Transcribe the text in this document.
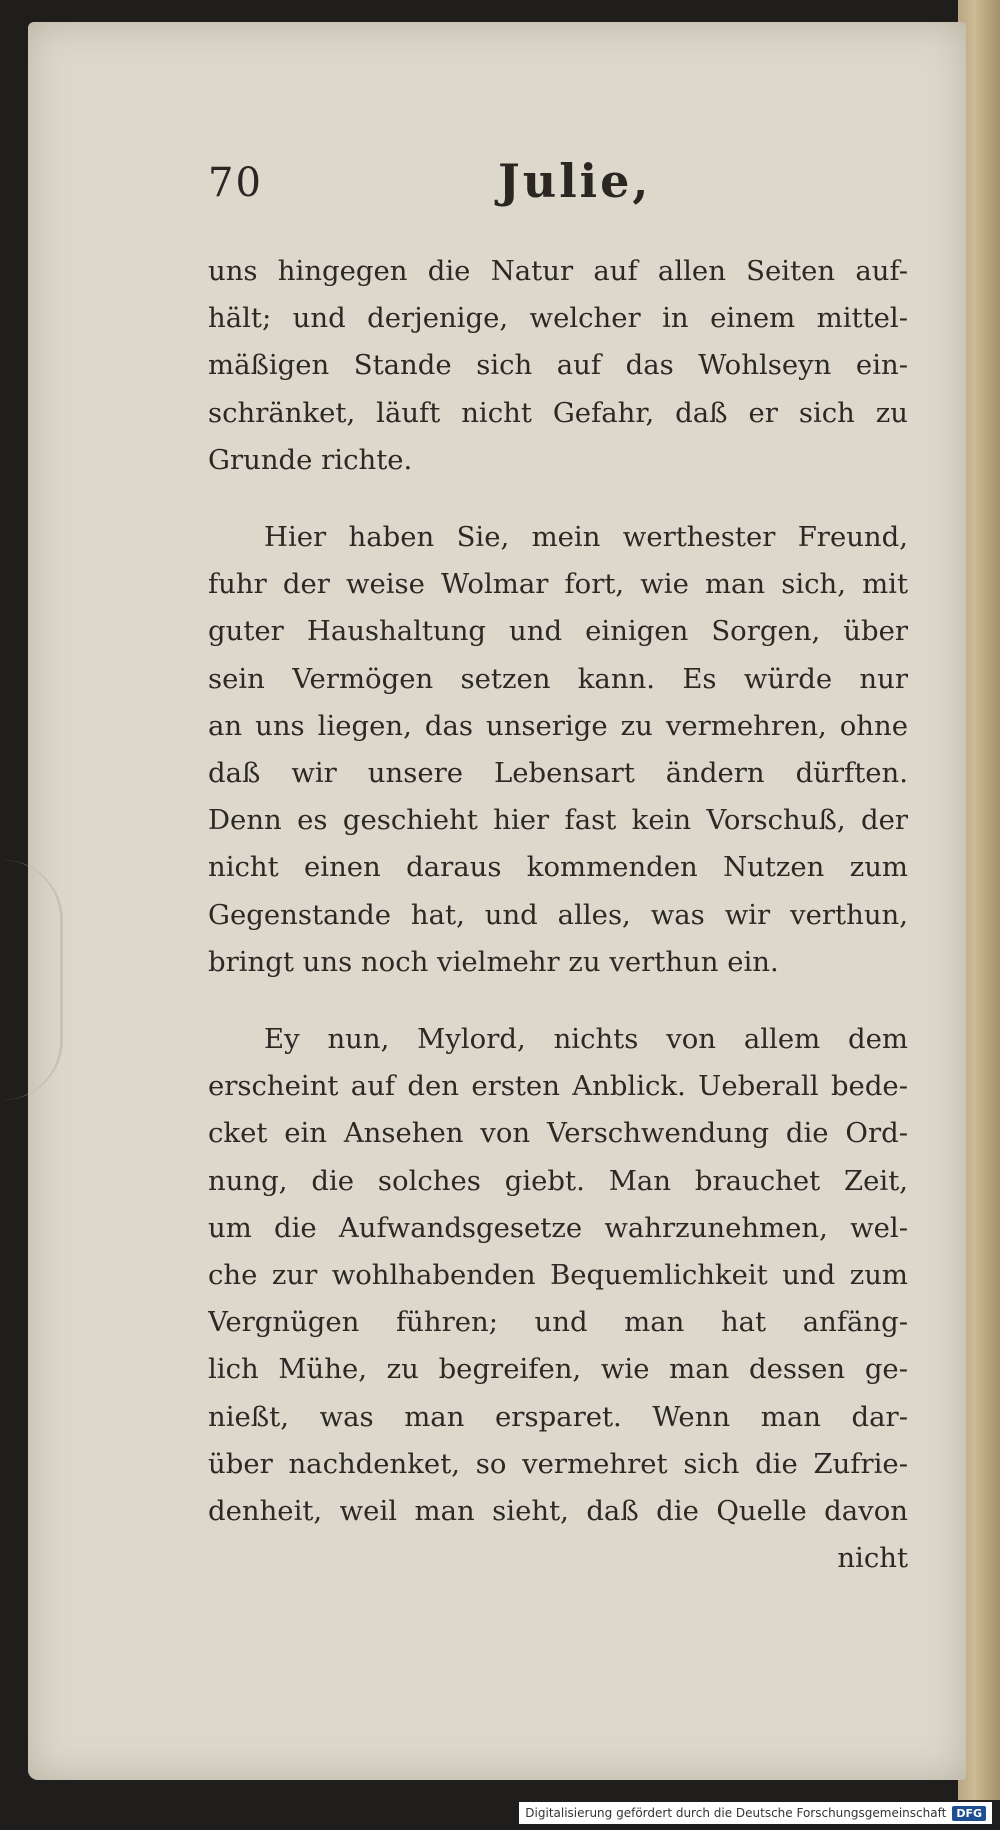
70	Julie,
uns hingegen die Natur auf allen Seiten auf-
hält; und derjenige, welcher in einem mittel-
mäßigen Stande sich auf das Wohlseyn ein-
schränket, läuft nicht Gefahr, daß er sich zu
Grunde richte.
Hier haben Sie, mein werthester Freund,
fuhr der weise Wolmar fort, wie man sich, mit
guter Haushaltung und einigen Sorgen, über
sein Vermögen setzen kann. Es würde nur
an uns liegen, das unserige zu vermehren, ohne
daß wir unsere Lebensart ändern dürften.
Denn es geschieht hier fast kein Vorschuß, der
nicht einen daraus kommenden Nutzen zum
Gegenstande hat, und alles, was wir verthun,
bringt uns noch vielmehr zu verthun ein.
Ey nun, Mylord, nichts von allem dem
erscheint auf den ersten Anblick. Ueberall bede-
cket ein Ansehen von Verschwendung die Ord-
nung, die solches giebt. Man brauchet Zeit,
um die Aufwandsgesetze wahrzunehmen, wel-
che zur wohlhabenden Bequemlichkeit und zum
Vergnügen führen; und man hat anfäng-
lich Mühe, zu begreifen, wie man dessen ge-
nießt, was man ersparet. Wenn man dar-
über nachdenket, so vermehret sich die Zufrie-
denheit, weil man sieht, daß die Quelle davon
nicht
Digitalisierung gefördert durch die Deutsche Forschungsgemeinschaft DFG
